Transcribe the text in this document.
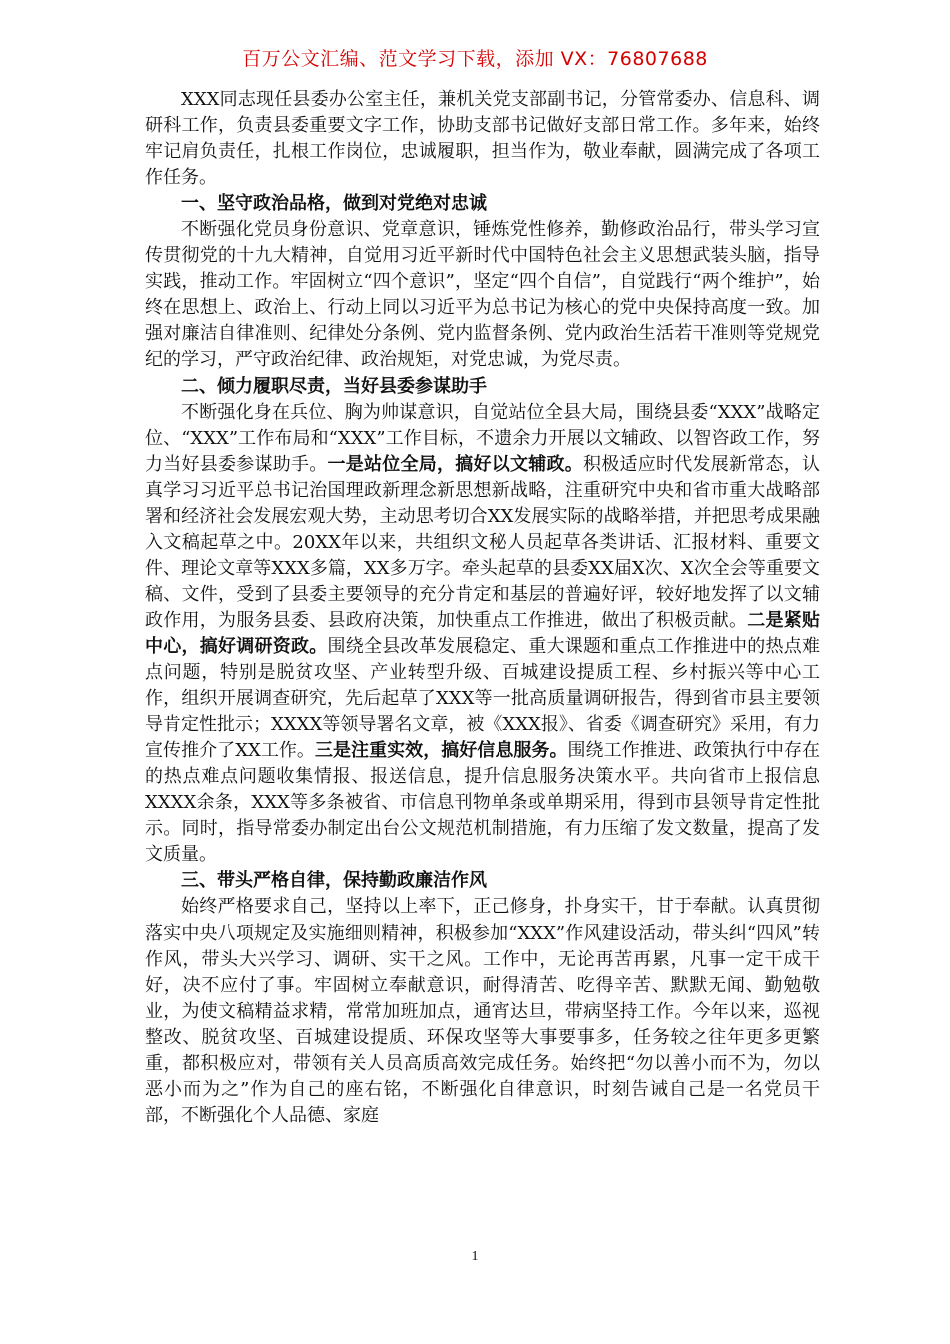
百万公文汇编、范文学习下载，添加 VX：76807688

XXX同志现任县委办公室主任，兼机关党支部副书记，分管常委办、信息科、调研科工作，负责县委重要文字工作，协助支部书记做好支部日常工作。多年来，始终牢记肩负责任，扎根工作岗位，忠诚履职，担当作为，敬业奉献，圆满完成了各项工作任务。

一、坚守政治品格，做到对党绝对忠诚

不断强化党员身份意识、党章意识，锤炼党性修养，勤修政治品行，带头学习宣传贯彻党的十九大精神，自觉用习近平新时代中国特色社会主义思想武装头脑，指导实践，推动工作。牢固树立“四个意识”，坚定“四个自信”，自觉践行“两个维护”，始终在思想上、政治上、行动上同以习近平为总书记为核心的党中央保持高度一致。加强对廉洁自律准则、纪律处分条例、党内监督条例、党内政治生活若干准则等党规党纪的学习，严守政治纪律、政治规矩，对党忠诚，为党尽责。

二、倾力履职尽责，当好县委参谋助手

不断强化身在兵位、胸为帅谋意识，自觉站位全县大局，围绕县委“XXX”战略定位、“XXX”工作布局和“XXX”工作目标，不遗余力开展以文辅政、以智咨政工作，努力当好县委参谋助手。一是站位全局，搞好以文辅政。积极适应时代发展新常态，认真学习习近平总书记治国理政新理念新思想新战略，注重研究中央和省市重大战略部署和经济社会发展宏观大势，主动思考切合XX发展实际的战略举措，并把思考成果融入文稿起草之中。20XX年以来，共组织文秘人员起草各类讲话、汇报材料、重要文件、理论文章等XXX多篇，XX多万字。牵头起草的县委XX届X次、X次全会等重要文稿、文件，受到了县委主要领导的充分肯定和基层的普遍好评，较好地发挥了以文辅政作用，为服务县委、县政府决策，加快重点工作推进，做出了积极贡献。二是紧贴中心，搞好调研资政。围绕全县改革发展稳定、重大课题和重点工作推进中的热点难点问题，特别是脱贫攻坚、产业转型升级、百城建设提质工程、乡村振兴等中心工作，组织开展调查研究，先后起草了XXX等一批高质量调研报告，得到省市县主要领导肯定性批示；XXXX等领导署名文章，被《XXX报》、省委《调查研究》采用，有力宣传推介了XX工作。三是注重实效，搞好信息服务。围绕工作推进、政策执行中存在的热点难点问题收集情报、报送信息，提升信息服务决策水平。共向省市上报信息XXXX余条，XXX等多条被省、市信息刊物单条或单期采用，得到市县领导肯定性批示。同时，指导常委办制定出台公文规范机制措施，有力压缩了发文数量，提高了发文质量。

三、带头严格自律，保持勤政廉洁作风

始终严格要求自己，坚持以上率下，正己修身，扑身实干，甘于奉献。认真贯彻落实中央八项规定及实施细则精神，积极参加“XXX”作风建设活动，带头纠“四风”转作风，带头大兴学习、调研、实干之风。工作中，无论再苦再累，凡事一定干成干好，决不应付了事。牢固树立奉献意识，耐得清苦、吃得辛苦、默默无闻、勤勉敬业，为使文稿精益求精，常常加班加点，通宵达旦，带病坚持工作。今年以来，巡视整改、脱贫攻坚、百城建设提质、环保攻坚等大事要事多，任务较之往年更多更繁重，都积极应对，带领有关人员高质高效完成任务。始终把“勿以善小而不为，勿以恶小而为之”作为自己的座右铭，不断强化自律意识，时刻告诫自己是一名党员干部，不断强化个人品德、家庭

1
